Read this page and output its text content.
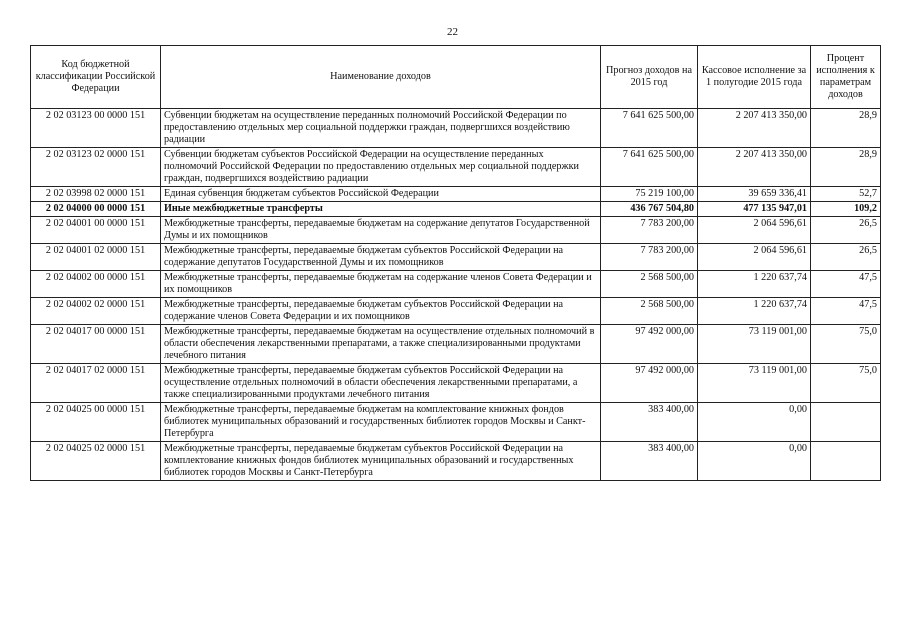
22
Код бюджетной классификации Российской Федерации	Наименование доходов	Прогноз доходов на 2015 год	Кассовое исполнение за 1 полугодие 2015 года	Процент исполнения к параметрам доходов
2 02 03123 00 0000 151	Субвенции бюджетам на осуществление переданных полномочий Российской Федерации по предоставлению отдельных мер социальной поддержки граждан, подвергшихся воздействию радиации	7 641 625 500,00	2 207 413 350,00	28,9
2 02 03123 02 0000 151	Субвенции бюджетам субъектов Российской Федерации на осуществление переданных полномочий Российской Федерации по предоставлению отдельных мер социальной поддержки граждан, подвергшихся воздействию радиации	7 641 625 500,00	2 207 413 350,00	28,9
2 02 03998 02 0000 151	Единая субвенция бюджетам субъектов Российской Федерации	75 219 100,00	39 659 336,41	52,7
2 02 04000 00 0000 151	Иные межбюджетные трансферты	436 767 504,80	477 135 947,01	109,2
2 02 04001 00 0000 151	Межбюджетные трансферты, передаваемые бюджетам на содержание депутатов Государственной Думы и их помощников	7 783 200,00	2 064 596,61	26,5
2 02 04001 02 0000 151	Межбюджетные трансферты, передаваемые бюджетам субъектов Российской Федерации на содержание депутатов Государственной Думы и их помощников	7 783 200,00	2 064 596,61	26,5
2 02 04002 00 0000 151	Межбюджетные трансферты, передаваемые бюджетам на содержание членов Совета Федерации и их помощников	2 568 500,00	1 220 637,74	47,5
2 02 04002 02 0000 151	Межбюджетные трансферты, передаваемые бюджетам субъектов Российской Федерации на содержание членов Совета Федерации и их помощников	2 568 500,00	1 220 637,74	47,5
2 02 04017 00 0000 151	Межбюджетные трансферты, передаваемые бюджетам на осуществление отдельных полномочий в области обеспечения лекарственными препаратами, а также специализированными продуктами лечебного питания	97 492 000,00	73 119 001,00	75,0
2 02 04017 02 0000 151	Межбюджетные трансферты, передаваемые бюджетам субъектов Российской Федерации на осуществление отдельных полномочий в области обеспечения лекарственными препаратами, а также специализированными продуктами лечебного питания	97 492 000,00	73 119 001,00	75,0
2 02 04025 00 0000 151	Межбюджетные трансферты, передаваемые бюджетам на комплектование книжных фондов библиотек муниципальных образований и государственных библиотек городов Москвы и Санкт-Петербурга	383 400,00	0,00	
2 02 04025 02 0000 151	Межбюджетные трансферты, передаваемые бюджетам субъектов Российской Федерации на комплектование книжных фондов библиотек муниципальных образований и государственных библиотек городов Москвы и Санкт-Петербурга	383 400,00	0,00	
